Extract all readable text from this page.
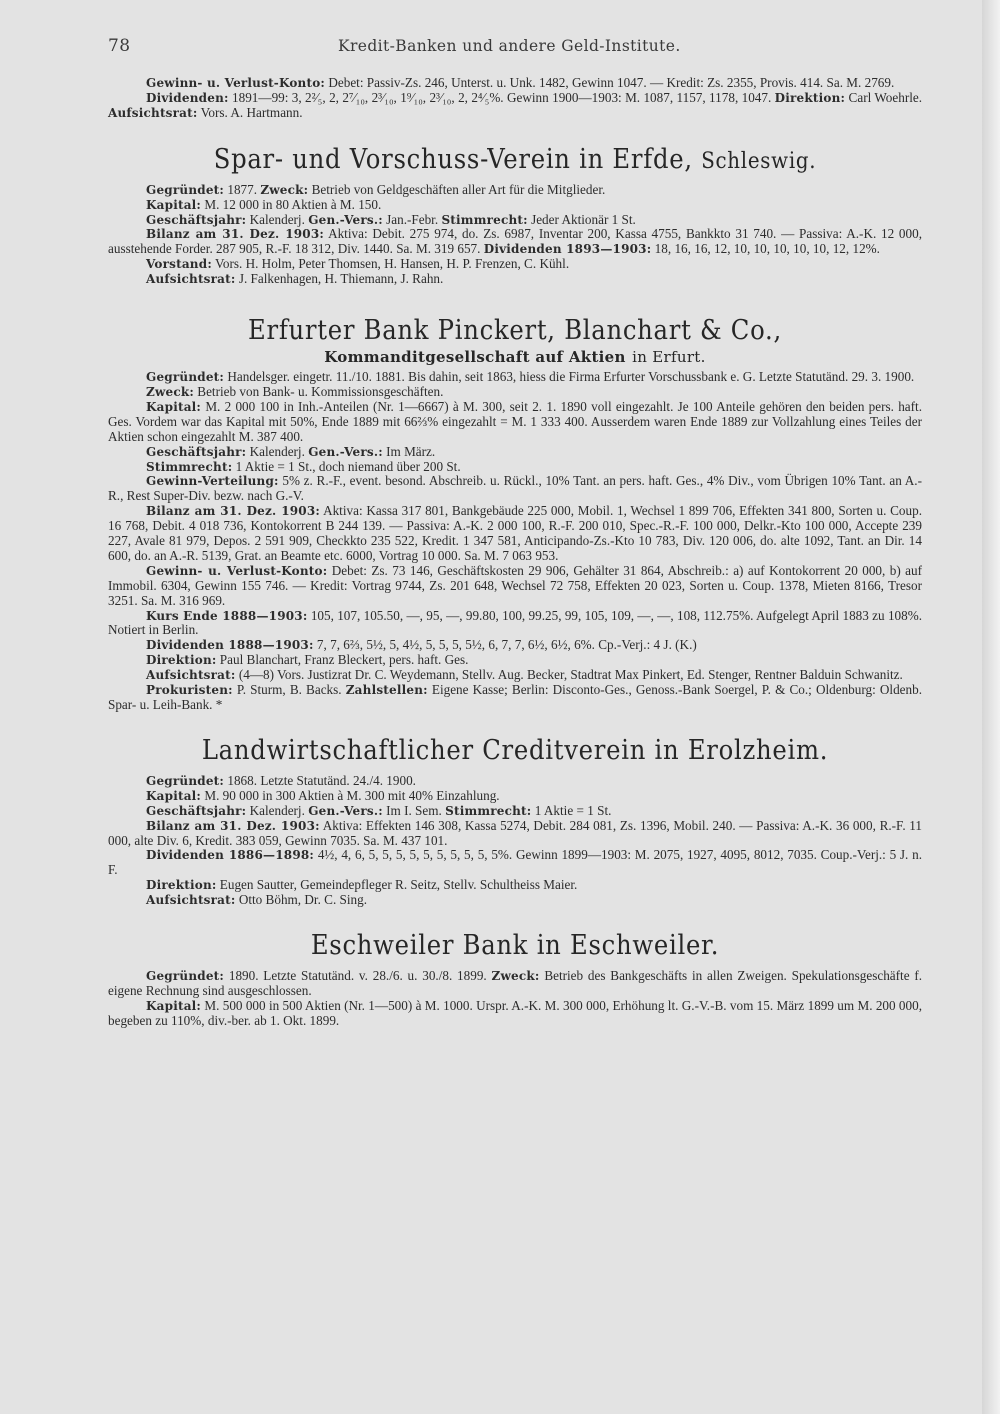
78	Kredit-Banken und andere Geld-Institute.

Gewinn- u. Verlust-Konto: Debet: Passiv-Zs. 246, Unterst. u. Unk. 1482, Gewinn 1047. — Kredit: Zs. 2355, Provis. 414. Sa. M. 2769.

Dividenden: 1891—99: 3, 2²⁄₅, 2, 2⁷⁄₁₀, 2³⁄₁₀, 1⁹⁄₁₀, 2³⁄₁₀, 2, 2⁴⁄₅%. Gewinn 1900—1903: M. 1087, 1157, 1178, 1047. Direktion: Carl Woehrle. Aufsichtsrat: Vors. A. Hartmann.

Spar- und Vorschuss-Verein in Erfde, Schleswig.

Gegründet: 1877. Zweck: Betrieb von Geldgeschäften aller Art für die Mitglieder.

Kapital: M. 12 000 in 80 Aktien à M. 150.

Geschäftsjahr: Kalenderj. Gen.-Vers.: Jan.-Febr. Stimmrecht: Jeder Aktionär 1 St.

Bilanz am 31. Dez. 1903: Aktiva: Debit. 275 974, do. Zs. 6987, Inventar 200, Kassa 4755, Bankkto 31 740. — Passiva: A.-K. 12 000, ausstehende Forder. 287 905, R.-F. 18 312, Div. 1440. Sa. M. 319 657. Dividenden 1893—1903: 18, 16, 16, 12, 10, 10, 10, 10, 10, 12, 12%.

Vorstand: Vors. H. Holm, Peter Thomsen, H. Hansen, H. P. Frenzen, C. Kühl.

Aufsichtsrat: J. Falkenhagen, H. Thiemann, J. Rahn.

Erfurter Bank Pinckert, Blanchart & Co.,
Kommanditgesellschaft auf Aktien in Erfurt.

Gegründet: Handelsger. eingetr. 11./10. 1881. Bis dahin, seit 1863, hiess die Firma Erfurter Vorschussbank e. G. Letzte Statutänd. 29. 3. 1900.

Zweck: Betrieb von Bank- u. Kommissionsgeschäften.

Kapital: M. 2 000 100 in Inh.-Anteilen (Nr. 1—6667) à M. 300, seit 2. 1. 1890 voll eingezahlt. Je 100 Anteile gehören den beiden pers. haft. Ges. Vordem war das Kapital mit 50%, Ende 1889 mit 66⅔% eingezahlt = M. 1 333 400. Ausserdem waren Ende 1889 zur Vollzahlung eines Teiles der Aktien schon eingezahlt M. 387 400.

Geschäftsjahr: Kalenderj. Gen.-Vers.: Im März.

Stimmrecht: 1 Aktie = 1 St., doch niemand über 200 St.

Gewinn-Verteilung: 5% z. R.-F., event. besond. Abschreib. u. Rückl., 10% Tant. an pers. haft. Ges., 4% Div., vom Übrigen 10% Tant. an A.-R., Rest Super-Div. bezw. nach G.-V.

Bilanz am 31. Dez. 1903: Aktiva: Kassa 317 801, Bankgebäude 225 000, Mobil. 1, Wechsel 1 899 706, Effekten 341 800, Sorten u. Coup. 16 768, Debit. 4 018 736, Kontokorrent B 244 139. — Passiva: A.-K. 2 000 100, R.-F. 200 010, Spec.-R.-F. 100 000, Delkr.-Kto 100 000, Accepte 239 227, Avale 81 979, Depos. 2 591 909, Checkkto 235 522, Kredit. 1 347 581, Anticipando-Zs.-Kto 10 783, Div. 120 006, do. alte 1092, Tant. an Dir. 14 600, do. an A.-R. 5139, Grat. an Beamte etc. 6000, Vortrag 10 000. Sa. M. 7 063 953.

Gewinn- u. Verlust-Konto: Debet: Zs. 73 146, Geschäftskosten 29 906, Gehälter 31 864, Abschreib.: a) auf Kontokorrent 20 000, b) auf Immobil. 6304, Gewinn 155 746. — Kredit: Vortrag 9744, Zs. 201 648, Wechsel 72 758, Effekten 20 023, Sorten u. Coup. 1378, Mieten 8166, Tresor 3251. Sa. M. 316 969.

Kurs Ende 1888—1903: 105, 107, 105.50, —, 95, —, 99.80, 100, 99.25, 99, 105, 109, —, —, 108, 112.75%. Aufgelegt April 1883 zu 108%. Notiert in Berlin.

Dividenden 1888—1903: 7, 7, 6⅔, 5½, 5, 4½, 5, 5, 5, 5½, 6, 7, 7, 6½, 6½, 6%. Cp.-Verj.: 4 J. (K.)

Direktion: Paul Blanchart, Franz Bleckert, pers. haft. Ges.

Aufsichtsrat: (4—8) Vors. Justizrat Dr. C. Weydemann, Stellv. Aug. Becker, Stadtrat Max Pinkert, Ed. Stenger, Rentner Balduin Schwanitz.

Prokuristen: P. Sturm, B. Backs. Zahlstellen: Eigene Kasse; Berlin: Disconto-Ges., Genoss.-Bank Soergel, P. & Co.; Oldenburg: Oldenb. Spar- u. Leih-Bank. *

Landwirtschaftlicher Creditverein in Erolzheim.

Gegründet: 1868. Letzte Statutänd. 24./4. 1900.

Kapital: M. 90 000 in 300 Aktien à M. 300 mit 40% Einzahlung.

Geschäftsjahr: Kalenderj. Gen.-Vers.: Im I. Sem. Stimmrecht: 1 Aktie = 1 St.

Bilanz am 31. Dez. 1903: Aktiva: Effekten 146 308, Kassa 5274, Debit. 284 081, Zs. 1396, Mobil. 240. — Passiva: A.-K. 36 000, R.-F. 11 000, alte Div. 6, Kredit. 383 059, Gewinn 7035. Sa. M. 437 101.

Dividenden 1886—1898: 4½, 4, 6, 5, 5, 5, 5, 5, 5, 5, 5, 5, 5%. Gewinn 1899—1903: M. 2075, 1927, 4095, 8012, 7035. Coup.-Verj.: 5 J. n. F.

Direktion: Eugen Sautter, Gemeindepfleger R. Seitz, Stellv. Schultheiss Maier.

Aufsichtsrat: Otto Böhm, Dr. C. Sing.

Eschweiler Bank in Eschweiler.

Gegründet: 1890. Letzte Statutänd. v. 28./6. u. 30./8. 1899. Zweck: Betrieb des Bankgeschäfts in allen Zweigen. Spekulationsgeschäfte f. eigene Rechnung sind ausgeschlossen.

Kapital: M. 500 000 in 500 Aktien (Nr. 1—500) à M. 1000. Urspr. A.-K. M. 300 000, Erhöhung lt. G.-V.-B. vom 15. März 1899 um M. 200 000, begeben zu 110%, div.-ber. ab 1. Okt. 1899.
